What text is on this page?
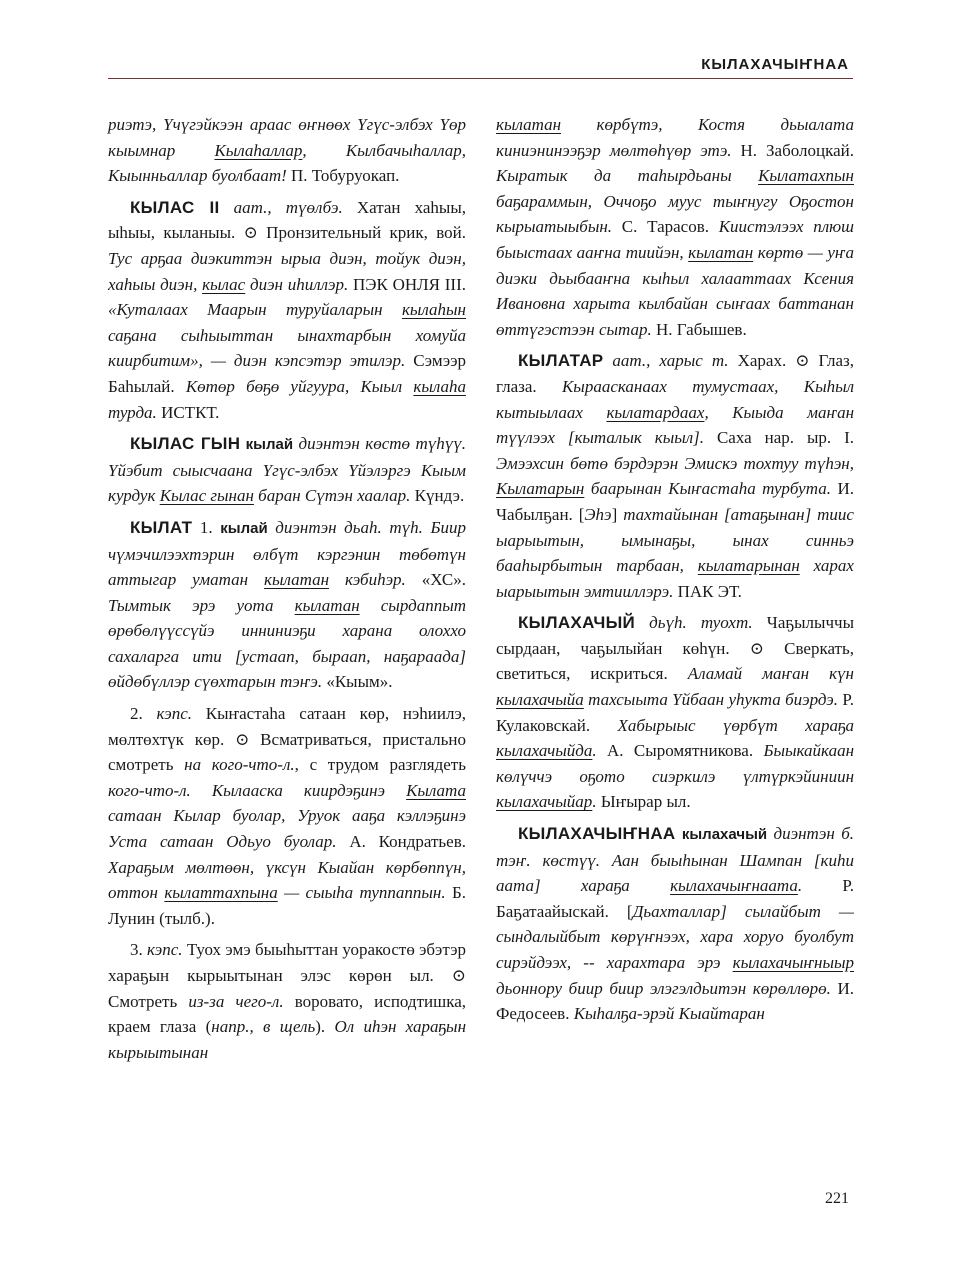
КЫЛАХАЧЫҤНАА

риэтэ, Үчүгэйкээн араас өҥнөөх Үгүс-элбэх Үөр кыымнар Кылаһаллар, Кылбачыһаллар, Кыынньаллар буолбаат! П. Тобуруокап.

КЫЛАС II аат., түөлбэ. Хатан хаһыы, ыһыы, кыланыы. ⊙ Пронзительный крик, вой. Тус арҕаа диэкиттэн ырыа диэн, тойук диэн, хаһыы диэн, кылас диэн иһиллэр. ПЭК ОНЛЯ III. «Куталаах Маарын туруйаларын кылаһын саҕана сыһыыттан ынахтарбын хомуйа киирбитим», — диэн кэпсэтэр этилэр. Сэмээр Баһылай. Көтөр бөҕө уйгуура, Кыыл кылаһа турда. ИСТКТ.

КЫЛАС ГЫН кылай диэнтэн көстө түһүү. Үйэбит сыысчаана Үгүс-элбэх Үйэлэргэ Кыым курдук Кылас гынан баран Сүтэн хаалар. Күндэ.

КЫЛАТ 1. кылай диэнтэн дьаһ. түһ. Биир чүмэчилээхтэрин өлбүт кэргэнин төбөтүн аттыгар уматан кылатан кэбиһэр. «ХС». Тымтык эрэ уота кылатан сырдаппыт өрөбөлүүссүйэ инниниэҕи харана олоххо сахаларга ити [устаап, быраап, наҕараада] өйдөбүллэр сүөхтарын тэҥэ. «Кыым».

2. кэпс. Кыҥастаһа сатаан көр, нэһиилэ, мөлтөхтүк көр. ⊙ Всматриваться, пристально смотреть на кого-что-л., с трудом разглядеть кого-что-л. Кылааска киирдэҕинэ Кылата сатаан Кылар буолар, Уруок ааҕа кэллэҕинэ Уста сатаан Одьуо буолар. А. Кондратьев. Хараҕым мөлтөөн, үксүн Кыайан көрбөппүн, оттон кылаттахпына — сыыһа туппаппын. Б. Лунин (тылб.).

3. кэпс. Туох эмэ быыһыттан уоракостө эбэтэр хараҕын кырыытынан элэс көрөн ыл. ⊙ Смотреть из-за чего-л. воровато, исподтишка, краем глаза (напр., в щель). Ол иһэн хараҕын кырыытынан

кылатан көрбүтэ, Костя дьыалата киниэнинээҕэр мөлтөһүөр этэ. Н. Заболоцкай. Кыратык да таһырдьаны Кылатахпын баҕараммын, Оччоҕо муус тыҥнугу Оҕостон кырыатыыбын. С. Тарасов. Киистэлээх плюш быыстаах ааҥна тиийэн, кылатан көртө — уҥа диэки дьыбааҥна кыһыл халааттаах Ксения Ивановна харыта кылбайан сыҥаах баттанан өттүгэстээн сытар. Н. Габышев.

КЫЛАТАР аат., харыс т. Харах. ⊙ Глаз, глаза. Кыраасканаах тумустаах, Кыһыл кытыылаах кылатардаах, Кыыда маҥан түүлээх [кыталык кыыл]. Саха нар. ыр. I. Эмээхсин бөтө бэрдэрэн Эмискэ тохтуу түһэн, Кылатарын баарынан Кыҥастаһа турбута. И. Чабылҕан. [Эһэ] тахтайынан [атаҕынан] тиис ыарыытын, ымынаҕы, ынах синньэ бааһырбытын тарбаан, кылатарынан харах ыарыытын эмтииллэрэ. ПАК ЭТ.

КЫЛАХАЧЫЙ дьүһ. туохт. Чаҕылыччы сырдаан, чаҕылыйан көһүн. ⊙ Сверкать, светиться, искриться. Аламай маҥан күн кылахачыйа тахсыыта Үйбаан уһукта биэрдэ. Р. Кулаковскай. Хабырыыс үөрбүт хараҕа кылахачыйда. А. Сыромятникова. Быыкайкаан көлүччэ оҕото сиэркилэ үлтүркэйиниин кылахачыйар. Ыҥырар ыл.

КЫЛАХАЧЫҤНАА кылахачый диэнтэн б. тэҥ. көстүү. Аан быыһынан Шампан [киһи аата] хараҕа кылахачыҥнаата. Р. Баҕатаайыскай. [Дьахталлар] сылайбыт — сындалыйбыт көрүҥнээх, хара хоруо буолбут сирэйдээх, -- харахтара эрэ кылахачыҥныыр дьоннору биир биир элэгэлдьитэн көрөллөрө. И. Федосеев. Кыһалҕа-эрэй Кыайтаран

221
